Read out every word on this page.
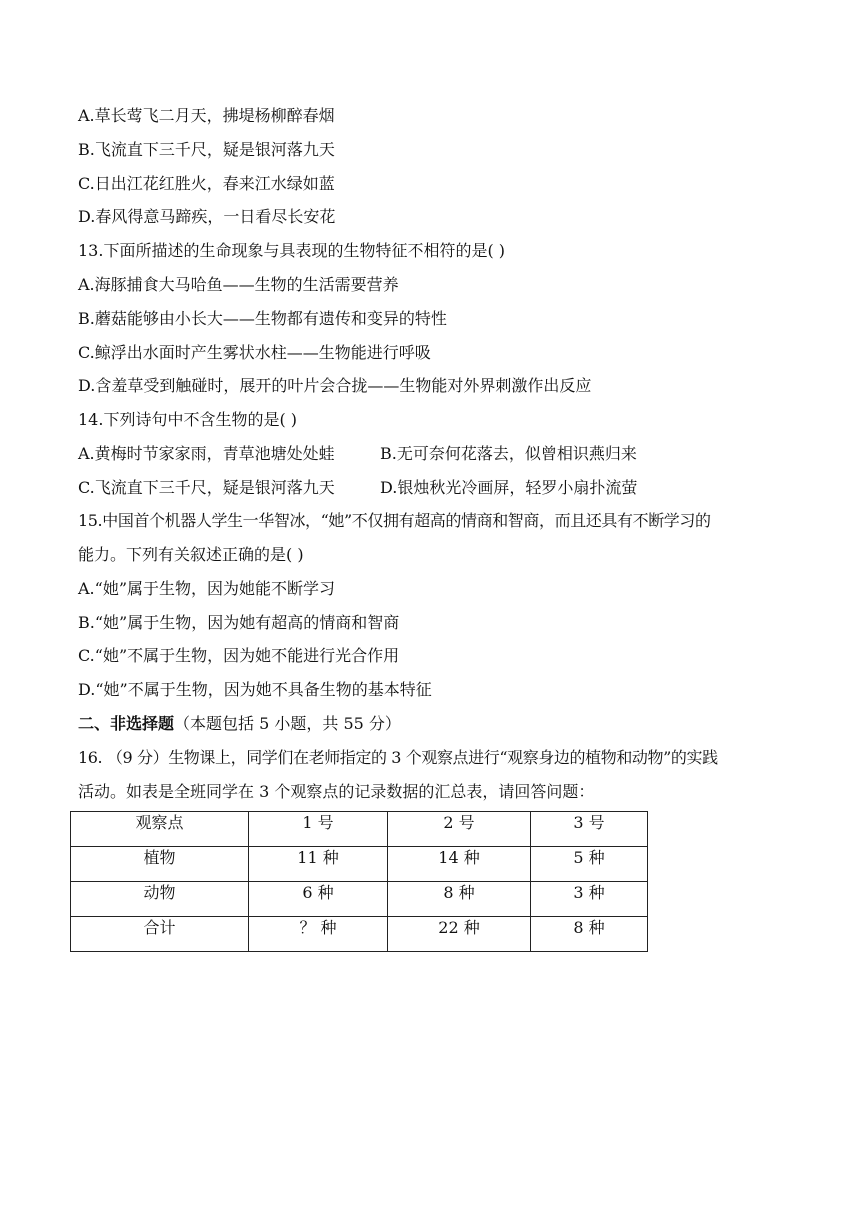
A.草长莺飞二月天，拂堤杨柳醉春烟
B.飞流直下三千尺，疑是银河落九天
C.日出江花红胜火，春来江水绿如蓝
D.春风得意马蹄疾，一日看尽长安花
13.下面所描述的生命现象与具表现的生物特征不相符的是( )
A.海豚捕食大马哈鱼——生物的生活需要营养
B.蘑菇能够由小长大——生物都有遗传和变异的特性
C.鲸浮出水面时产生雾状水柱——生物能进行呼吸
D.含羞草受到触碰时，展开的叶片会合拢——生物能对外界刺激作出反应
14.下列诗句中不含生物的是( )
A.黄梅时节家家雨，青草池塘处处蛙	B.无可奈何花落去，似曾相识燕归来
C.飞流直下三千尺，疑是银河落九天	D.银烛秋光冷画屏，轻罗小扇扑流萤
15.中国首个机器人学生一华智冰，“她”不仅拥有超高的情商和智商，而且还具有不断学习的
能力。下列有关叙述正确的是( )
A.“她”属于生物，因为她能不断学习
B.“她”属于生物，因为她有超高的情商和智商
C.“她”不属于生物，因为她不能进行光合作用
D.“她”不属于生物，因为她不具备生物的基本特征
二、非选择题（本题包括 5 小题，共 55 分）
16. （9 分）生物课上，同学们在老师指定的 3 个观察点进行“观察身边的植物和动物”的实践
活动。如表是全班同学在 3 个观察点的记录数据的汇总表，请回答问题：
观察点	1 号	2 号	3 号
植物	11 种	14 种	5 种
动物	6 种	8 种	3 种
合计	？ 种	22 种	8 种
